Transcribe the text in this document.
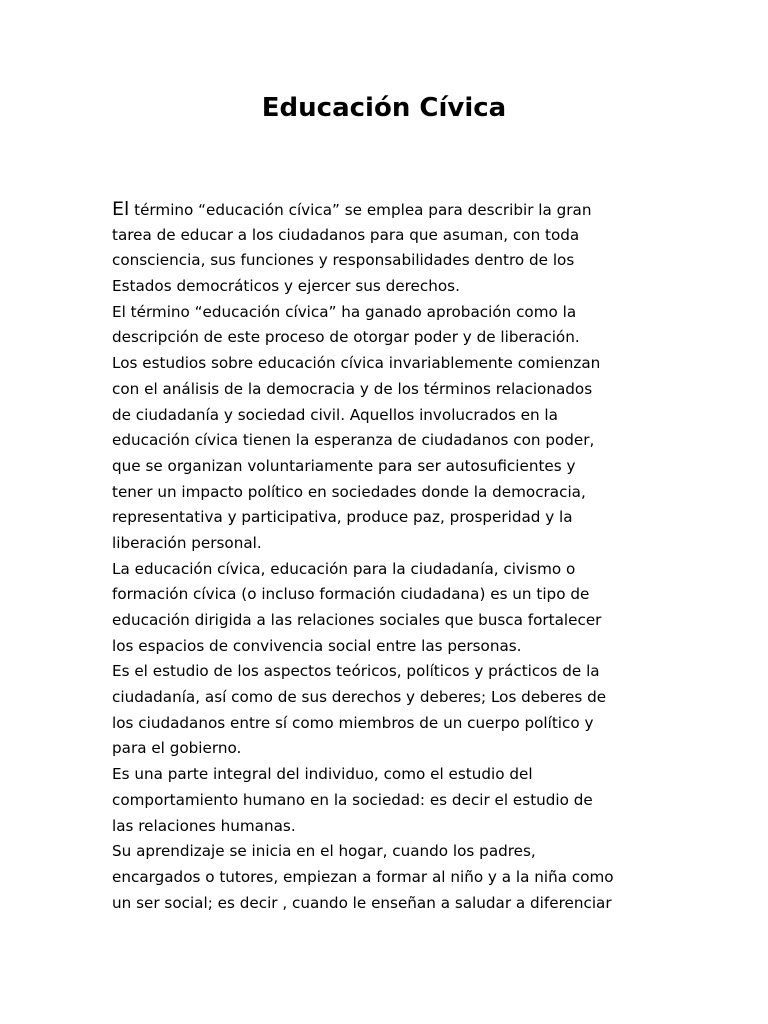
Educación Cívica
El término “educación cívica” se emplea para describir la gran
tarea de educar a los ciudadanos para que asuman, con toda
consciencia, sus funciones y responsabilidades dentro de los
Estados democráticos y ejercer sus derechos.
El término “educación cívica” ha ganado aprobación como la
descripción de este proceso de otorgar poder y de liberación.
Los estudios sobre educación cívica invariablemente comienzan
con el análisis de la democracia y de los términos relacionados
de ciudadanía y sociedad civil. Aquellos involucrados en la
educación cívica tienen la esperanza de ciudadanos con poder,
que se organizan voluntariamente para ser autosuficientes y
tener un impacto político en sociedades donde la democracia,
representativa y participativa, produce paz, prosperidad y la
liberación personal.
La educación cívica, educación para la ciudadanía, civismo o
formación cívica (o incluso formación ciudadana) es un tipo de
educación dirigida a las relaciones sociales que busca fortalecer
los espacios de convivencia social entre las personas.
Es el estudio de los aspectos teóricos, políticos y prácticos de la
ciudadanía, así como de sus derechos y deberes; Los deberes de
los ciudadanos entre sí como miembros de un cuerpo político y
para el gobierno.
Es una parte integral del individuo, como el estudio del
comportamiento humano en la sociedad: es decir el estudio de
las relaciones humanas.
Su aprendizaje se inicia en el hogar, cuando los padres,
encargados o tutores, empiezan a formar al niño y a la niña como
un ser social; es decir , cuando le enseñan a saludar a diferenciar
